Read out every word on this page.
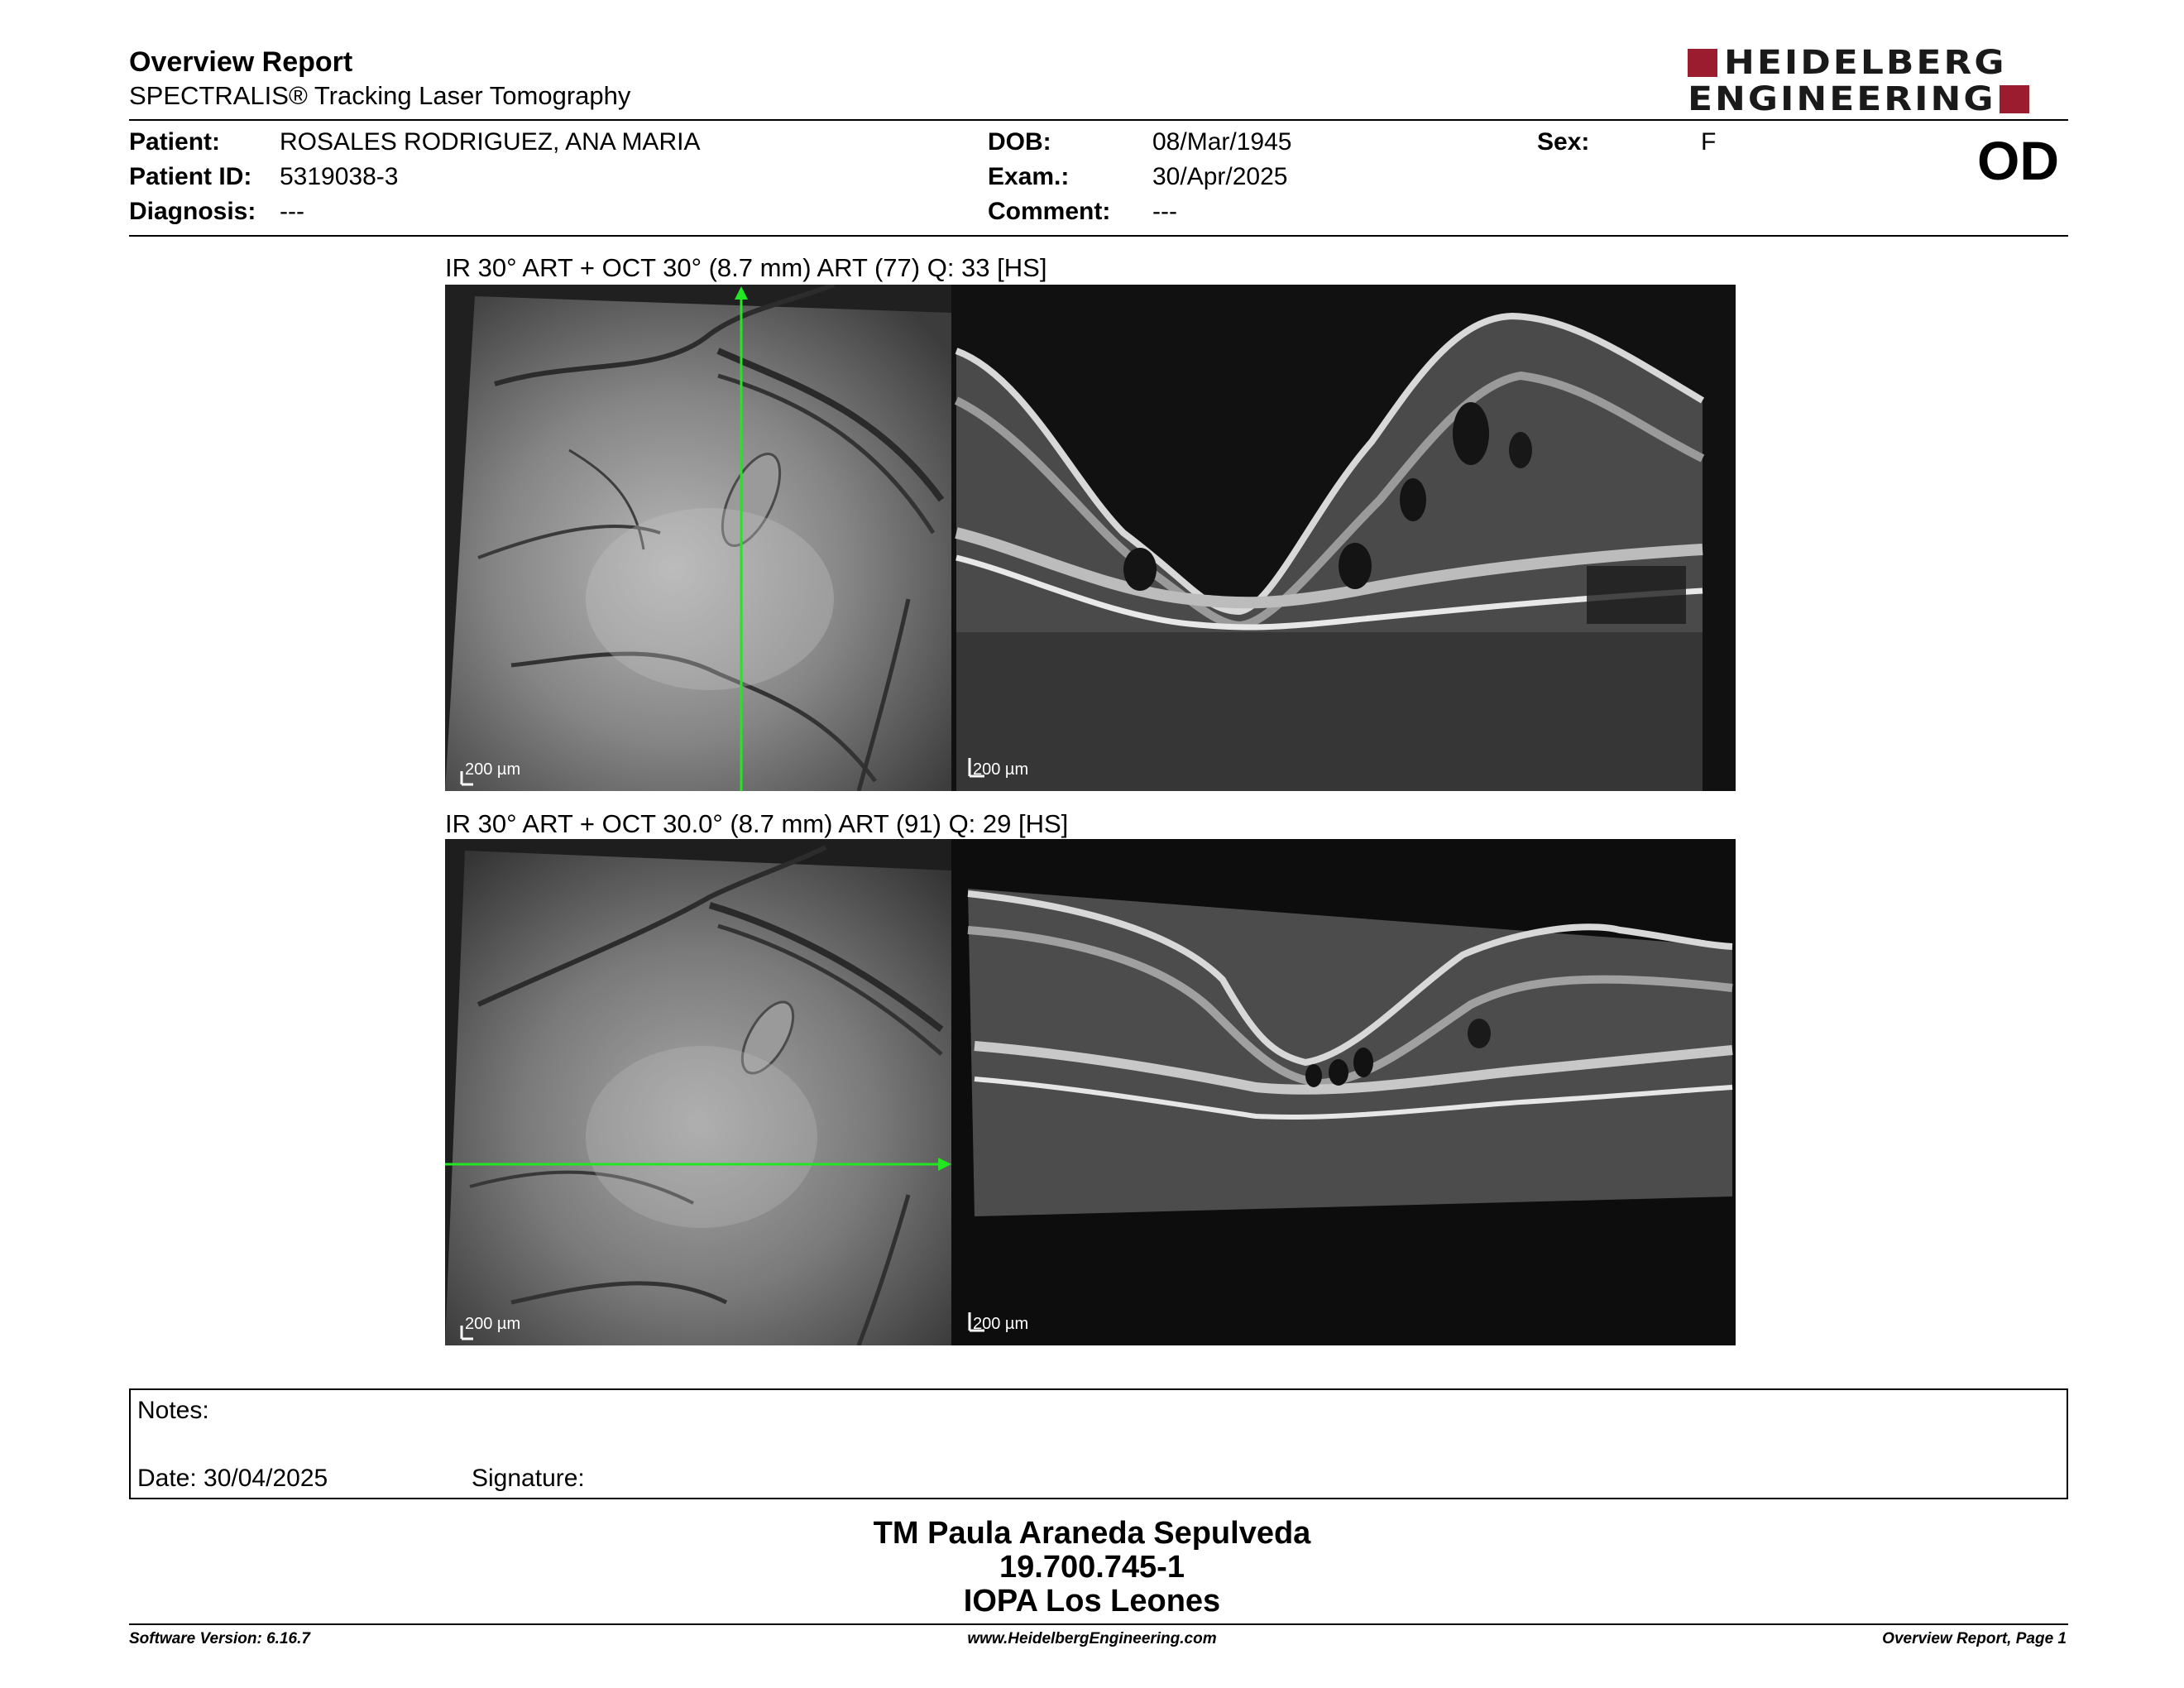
Overview Report
SPECTRALIS® Tracking Laser Tomography
HEIDELBERG
ENGINEERING
Patient: ROSALES RODRIGUEZ, ANA MARIA
Patient ID: 5319038-3
Diagnosis: ---
DOB:	08/Mar/1945
Exam.:	30/Apr/2025
Comment: ---
Sex:	F	OD
IR 30° ART + OCT 30° (8.7 mm) ART (77) Q: 33 [HS]
200 µm	200 µm
IR 30° ART + OCT 30.0° (8.7 mm) ART (91) Q: 29 [HS]
200 µm	200 µm
Notes:
Date: 30/04/2025	Signature:
TM Paula Araneda Sepulveda
19.700.745-1
IOPA Los Leones
Software Version: 6.16.7	www.HeidelbergEngineering.com	Overview Report, Page 1
